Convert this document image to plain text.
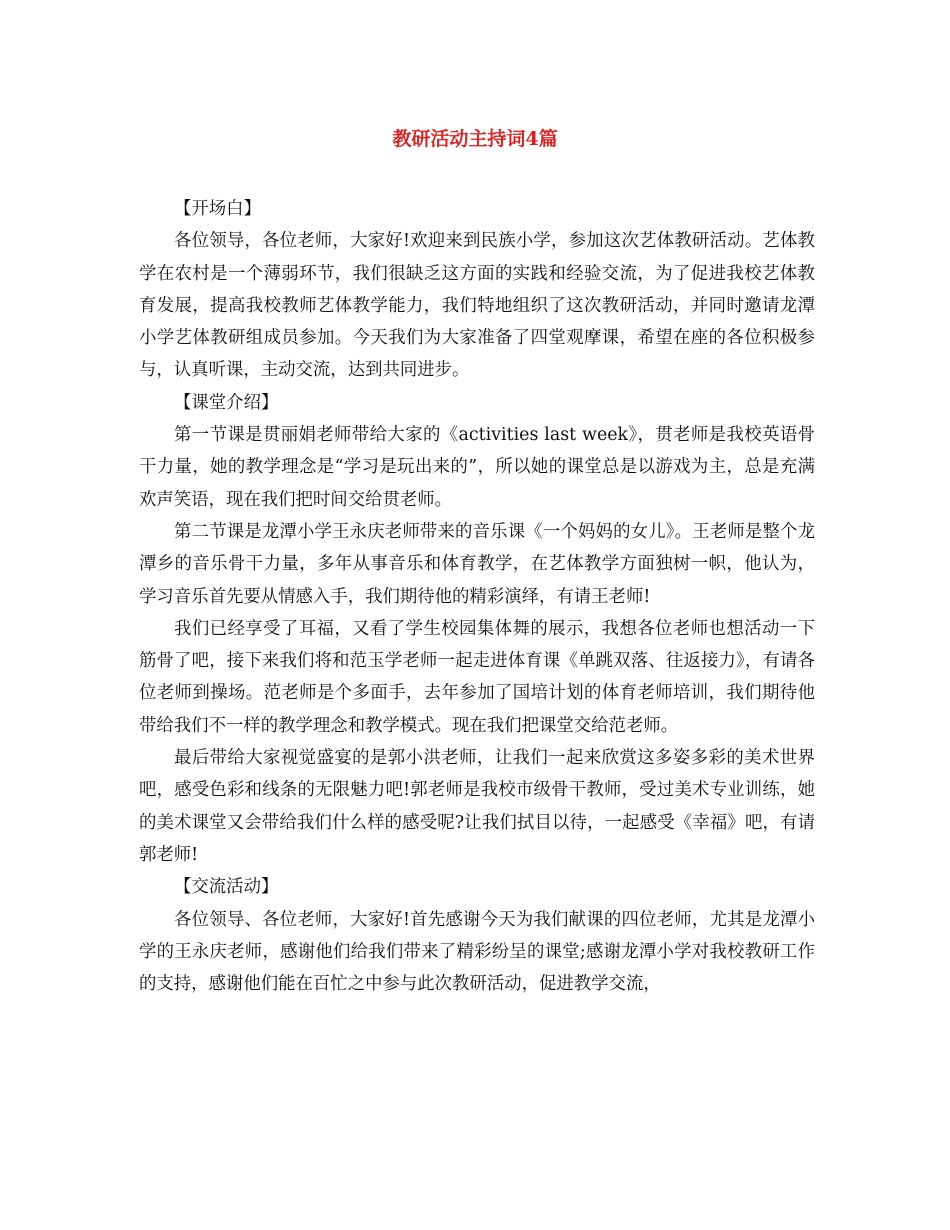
教研活动主持词4篇

【开场白】

各位领导，各位老师，大家好!欢迎来到民族小学，参加这次艺体教研活动。艺体教学在农村是一个薄弱环节，我们很缺乏这方面的实践和经验交流，为了促进我校艺体教育发展，提高我校教师艺体教学能力，我们特地组织了这次教研活动，并同时邀请龙潭小学艺体教研组成员参加。今天我们为大家准备了四堂观摩课，希望在座的各位积极参与，认真听课，主动交流，达到共同进步。

【课堂介绍】

第一节课是贯丽娟老师带给大家的《activities last week》，贯老师是我校英语骨干力量，她的教学理念是“学习是玩出来的”，所以她的课堂总是以游戏为主，总是充满欢声笑语，现在我们把时间交给贯老师。

第二节课是龙潭小学王永庆老师带来的音乐课《一个妈妈的女儿》。王老师是整个龙潭乡的音乐骨干力量，多年从事音乐和体育教学，在艺体教学方面独树一帜，他认为，学习音乐首先要从情感入手，我们期待他的精彩演绎，有请王老师!

我们已经享受了耳福，又看了学生校园集体舞的展示，我想各位老师也想活动一下筋骨了吧，接下来我们将和范玉学老师一起走进体育课《单跳双落、往返接力》，有请各位老师到操场。范老师是个多面手，去年参加了国培计划的体育老师培训，我们期待他带给我们不一样的教学理念和教学模式。现在我们把课堂交给范老师。

最后带给大家视觉盛宴的是郭小洪老师，让我们一起来欣赏这多姿多彩的美术世界吧，感受色彩和线条的无限魅力吧!郭老师是我校市级骨干教师，受过美术专业训练，她的美术课堂又会带给我们什么样的感受呢?让我们拭目以待，一起感受《幸福》吧，有请郭老师!

【交流活动】

各位领导、各位老师，大家好!首先感谢今天为我们献课的四位老师，尤其是龙潭小学的王永庆老师，感谢他们给我们带来了精彩纷呈的课堂;感谢龙潭小学对我校教研工作的支持，感谢他们能在百忙之中参与此次教研活动，促进教学交流，
